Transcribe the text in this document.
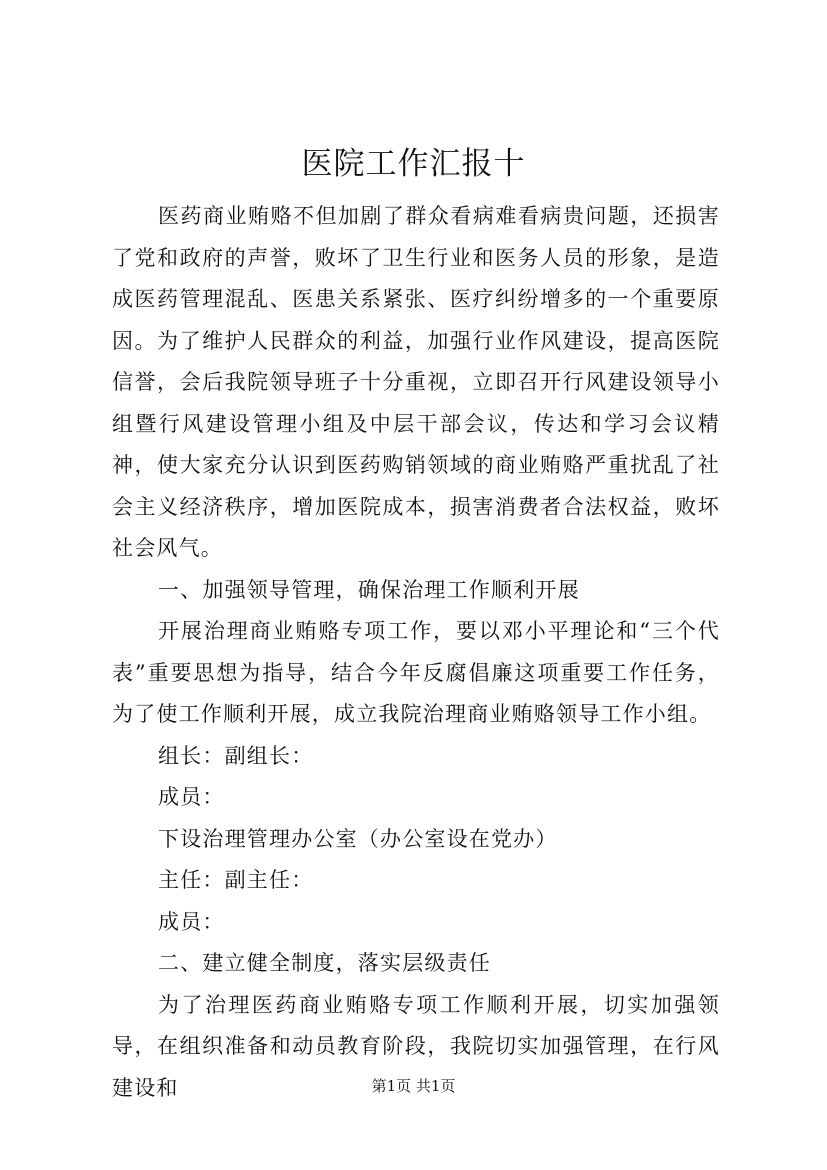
医院工作汇报十

医药商业贿赂不但加剧了群众看病难看病贵问题，还损害了党和政府的声誉，败坏了卫生行业和医务人员的形象，是造成医药管理混乱、医患关系紧张、医疗纠纷增多的一个重要原因。为了维护人民群众的利益，加强行业作风建设，提高医院信誉，会后我院领导班子十分重视，立即召开行风建设领导小组暨行风建设管理小组及中层干部会议，传达和学习会议精神，使大家充分认识到医药购销领域的商业贿赂严重扰乱了社会主义经济秩序，增加医院成本，损害消费者合法权益，败坏社会风气。

一、加强领导管理，确保治理工作顺利开展

开展治理商业贿赂专项工作，要以邓小平理论和“三个代表”重要思想为指导，结合今年反腐倡廉这项重要工作任务，为了使工作顺利开展，成立我院治理商业贿赂领导工作小组。

组长：副组长：

成员：

下设治理管理办公室（办公室设在党办）

主任：副主任：

成员：

二、建立健全制度，落实层级责任

为了治理医药商业贿赂专项工作顺利开展，切实加强领导，在组织准备和动员教育阶段，我院切实加强管理，在行风建设和	第1页 共1页
